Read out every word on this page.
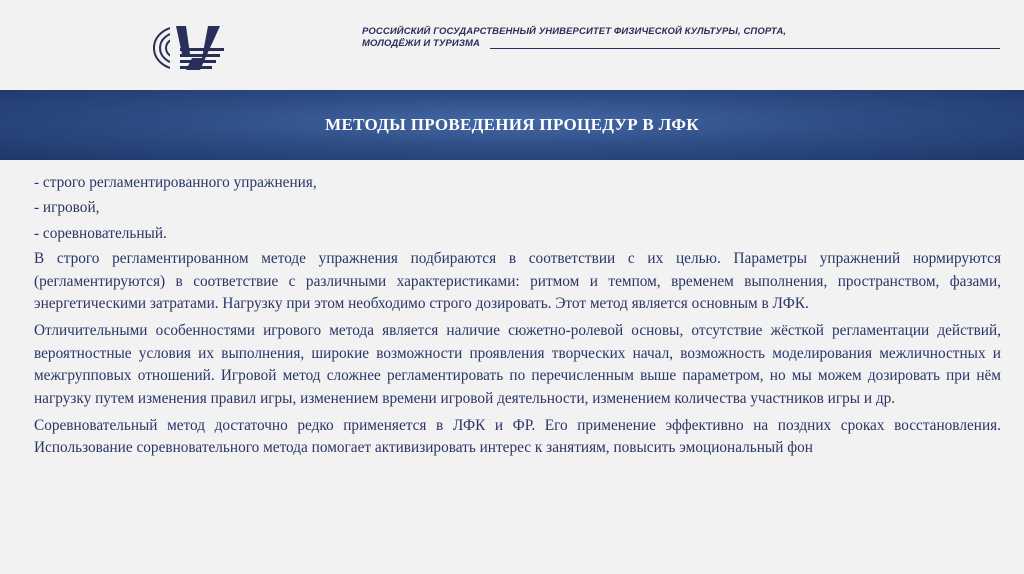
РОССИЙСКИЙ ГОСУДАРСТВЕННЫЙ УНИВЕРСИТЕТ ФИЗИЧЕСКОЙ КУЛЬТУРЫ, СПОРТА,
МОЛОДЁЖИ И ТУРИЗМА
МЕТОДЫ ПРОВЕДЕНИЯ ПРОЦЕДУР В ЛФК
- строго регламентированного упражнения,
- игровой,
- соревновательный.
В строго регламентированном методе упражнения подбираются в соответствии с их целью. Параметры упражнений нормируются (регламентируются) в соответствие с различными характеристиками: ритмом и темпом, временем выполнения, пространством, фазами, энергетическими затратами. Нагрузку при этом необходимо строго дозировать. Этот метод является основным в ЛФК.
Отличительными особенностями игрового метода является наличие сюжетно-ролевой основы, отсутствие жёсткой регламентации действий, вероятностные условия их выполнения, широкие возможности проявления творческих начал, возможность моделирования межличностных и межгрупповых отношений. Игровой метод сложнее регламентировать по перечисленным выше параметром, но мы можем дозировать при нём нагрузку путем изменения правил игры, изменением времени игровой деятельности, изменением количества участников игры и др.
Соревновательный метод достаточно редко применяется в ЛФК и ФР. Его применение эффективно на поздних сроках восстановления. Использование соревновательного метода помогает активизировать интерес к занятиям, повысить эмоциональный фон
